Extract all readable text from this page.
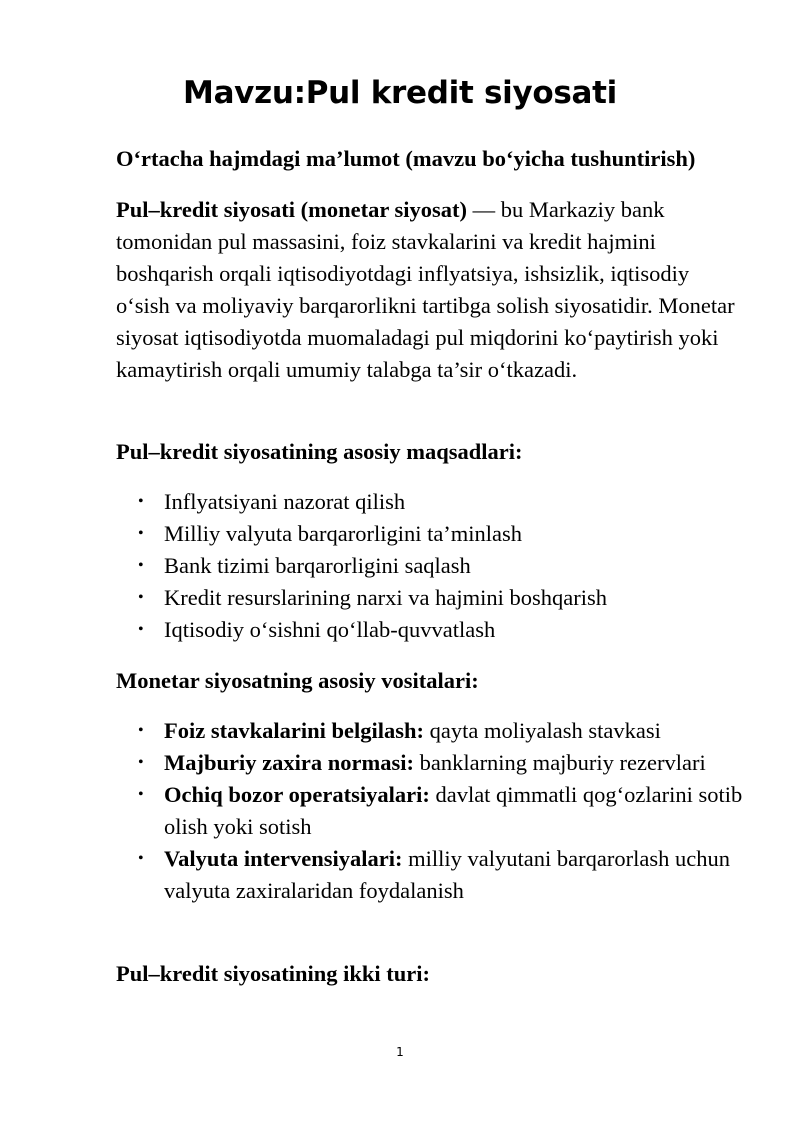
Mavzu:Pul kredit siyosati

O‘rtacha hajmdagi ma’lumot (mavzu bo‘yicha tushuntirish)

Pul–kredit siyosati (monetar siyosat) — bu Markaziy bank tomonidan pul massasini, foiz stavkalarini va kredit hajmini boshqarish orqali iqtisodiyotdagi inflyatsiya, ishsizlik, iqtisodiy o‘sish va moliyaviy barqarorlikni tartibga solish siyosatidir. Monetar siyosat iqtisodiyotda muomaladagi pul miqdorini ko‘paytirish yoki kamaytirish orqali umumiy talabga ta’sir o‘tkazadi.

Pul–kredit siyosatining asosiy maqsadlari:

• Inflyatsiyani nazorat qilish
• Milliy valyuta barqarorligini ta’minlash
• Bank tizimi barqarorligini saqlash
• Kredit resurslarining narxi va hajmini boshqarish
• Iqtisodiy o‘sishni qo‘llab-quvvatlash

Monetar siyosatning asosiy vositalari:

• Foiz stavkalarini belgilash: qayta moliyalash stavkasi
• Majburiy zaxira normasi: banklarning majburiy rezervlari
• Ochiq bozor operatsiyalari: davlat qimmatli qog‘ozlarini sotib olish yoki sotish
• Valyuta intervensiyalari: milliy valyutani barqarorlash uchun valyuta zaxiralaridan foydalanish

Pul–kredit siyosatining ikki turi:

1
